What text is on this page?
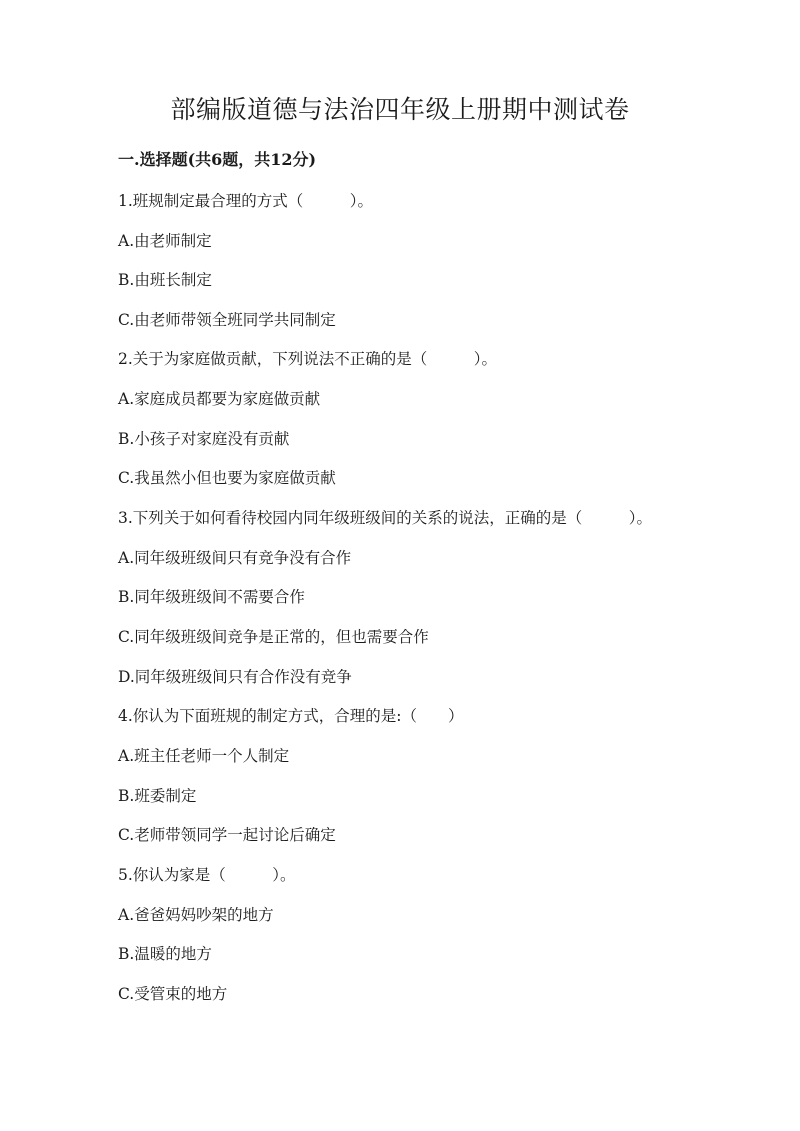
部编版道德与法治四年级上册期中测试卷
一.选择题(共6题，共12分)
1.班规制定最合理的方式（　　　）。
A.由老师制定
B.由班长制定
C.由老师带领全班同学共同制定
2.关于为家庭做贡献，下列说法不正确的是（　　　）。
A.家庭成员都要为家庭做贡献
B.小孩子对家庭没有贡献
C.我虽然小但也要为家庭做贡献
3.下列关于如何看待校园内同年级班级间的关系的说法，正确的是（　　　）。
A.同年级班级间只有竞争没有合作
B.同年级班级间不需要合作
C.同年级班级间竞争是正常的，但也需要合作
D.同年级班级间只有合作没有竞争
4.你认为下面班规的制定方式，合理的是:（　　）
A.班主任老师一个人制定
B.班委制定
C.老师带领同学一起讨论后确定
5.你认为家是（　　　）。
A.爸爸妈妈吵架的地方
B.温暖的地方
C.受管束的地方
